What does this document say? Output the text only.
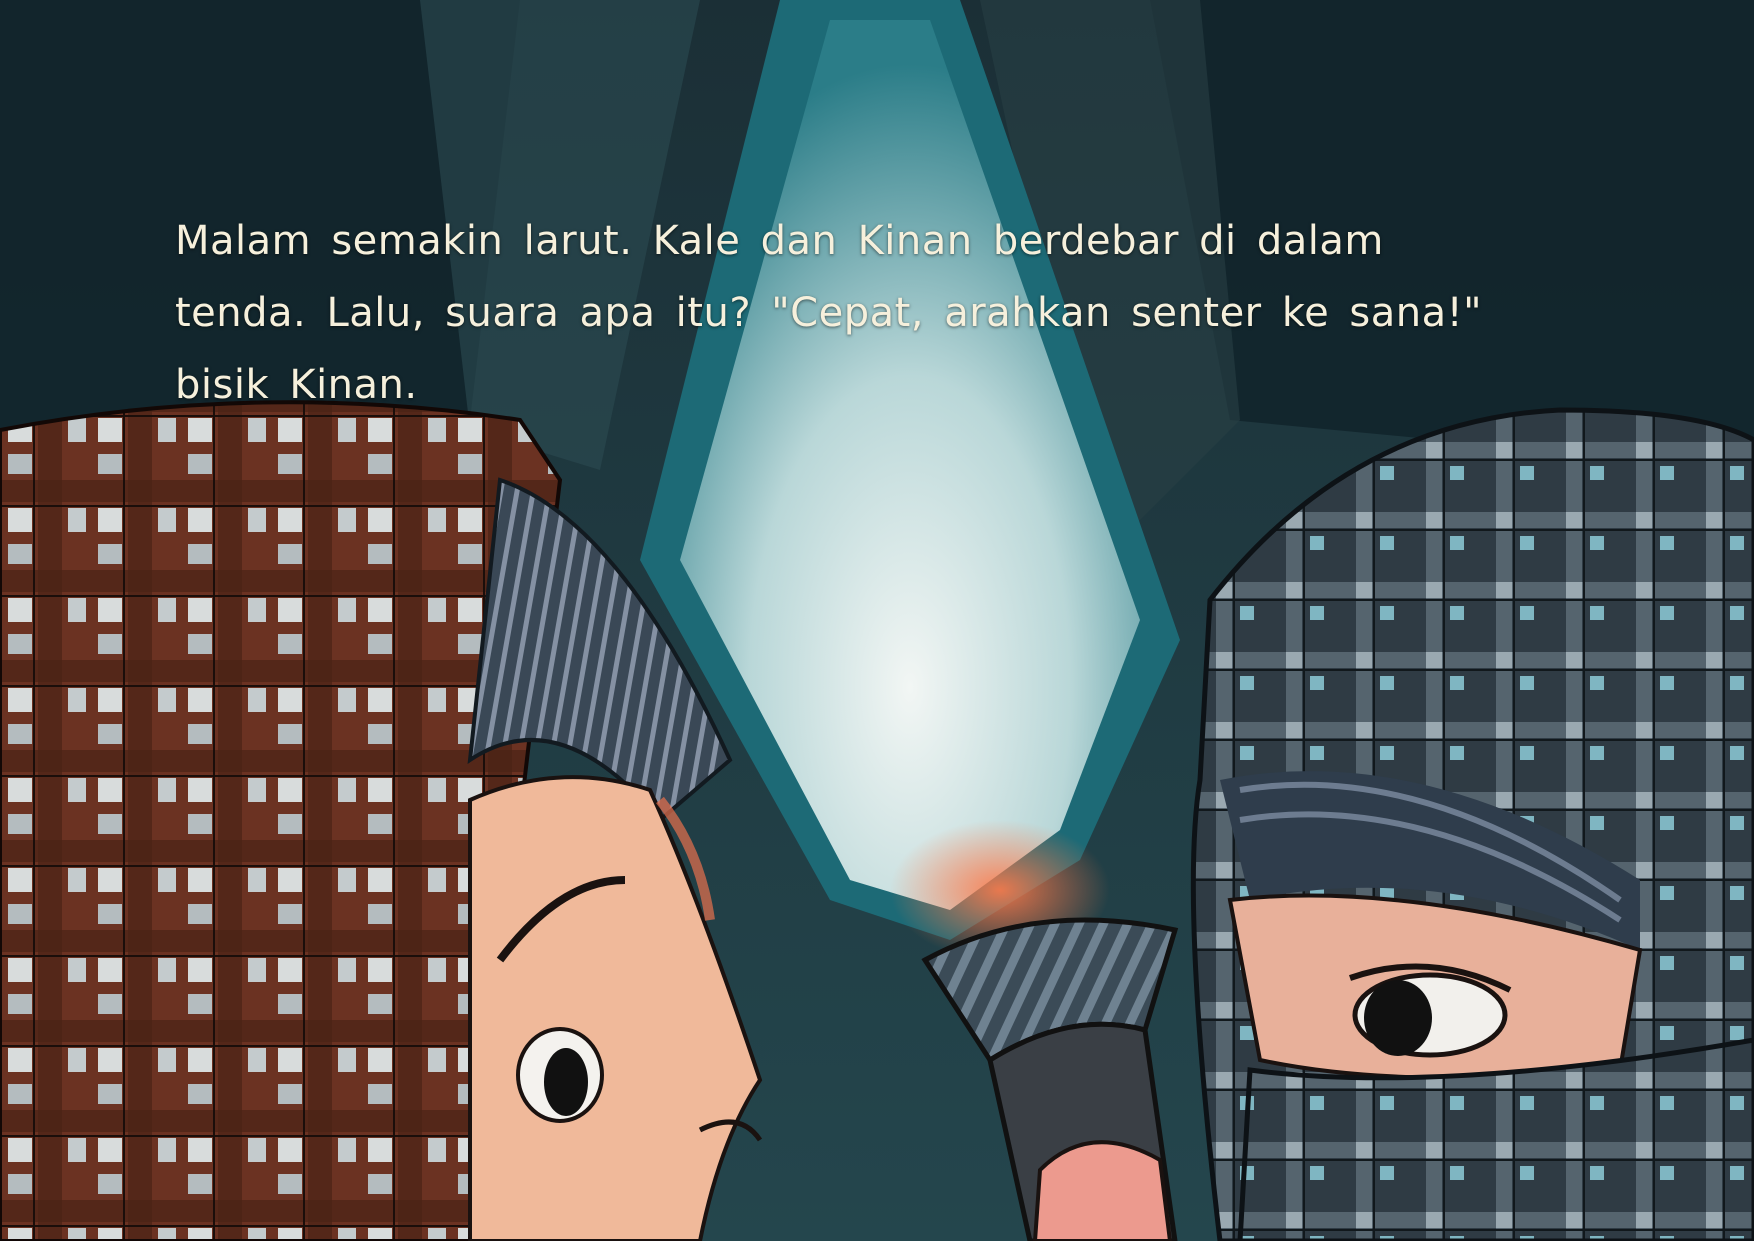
Malam semakin larut. Kale dan Kinan berdebar di dalam tenda. Lalu, suara apa itu? "Cepat, arahkan senter ke sana!" bisik Kinan.
